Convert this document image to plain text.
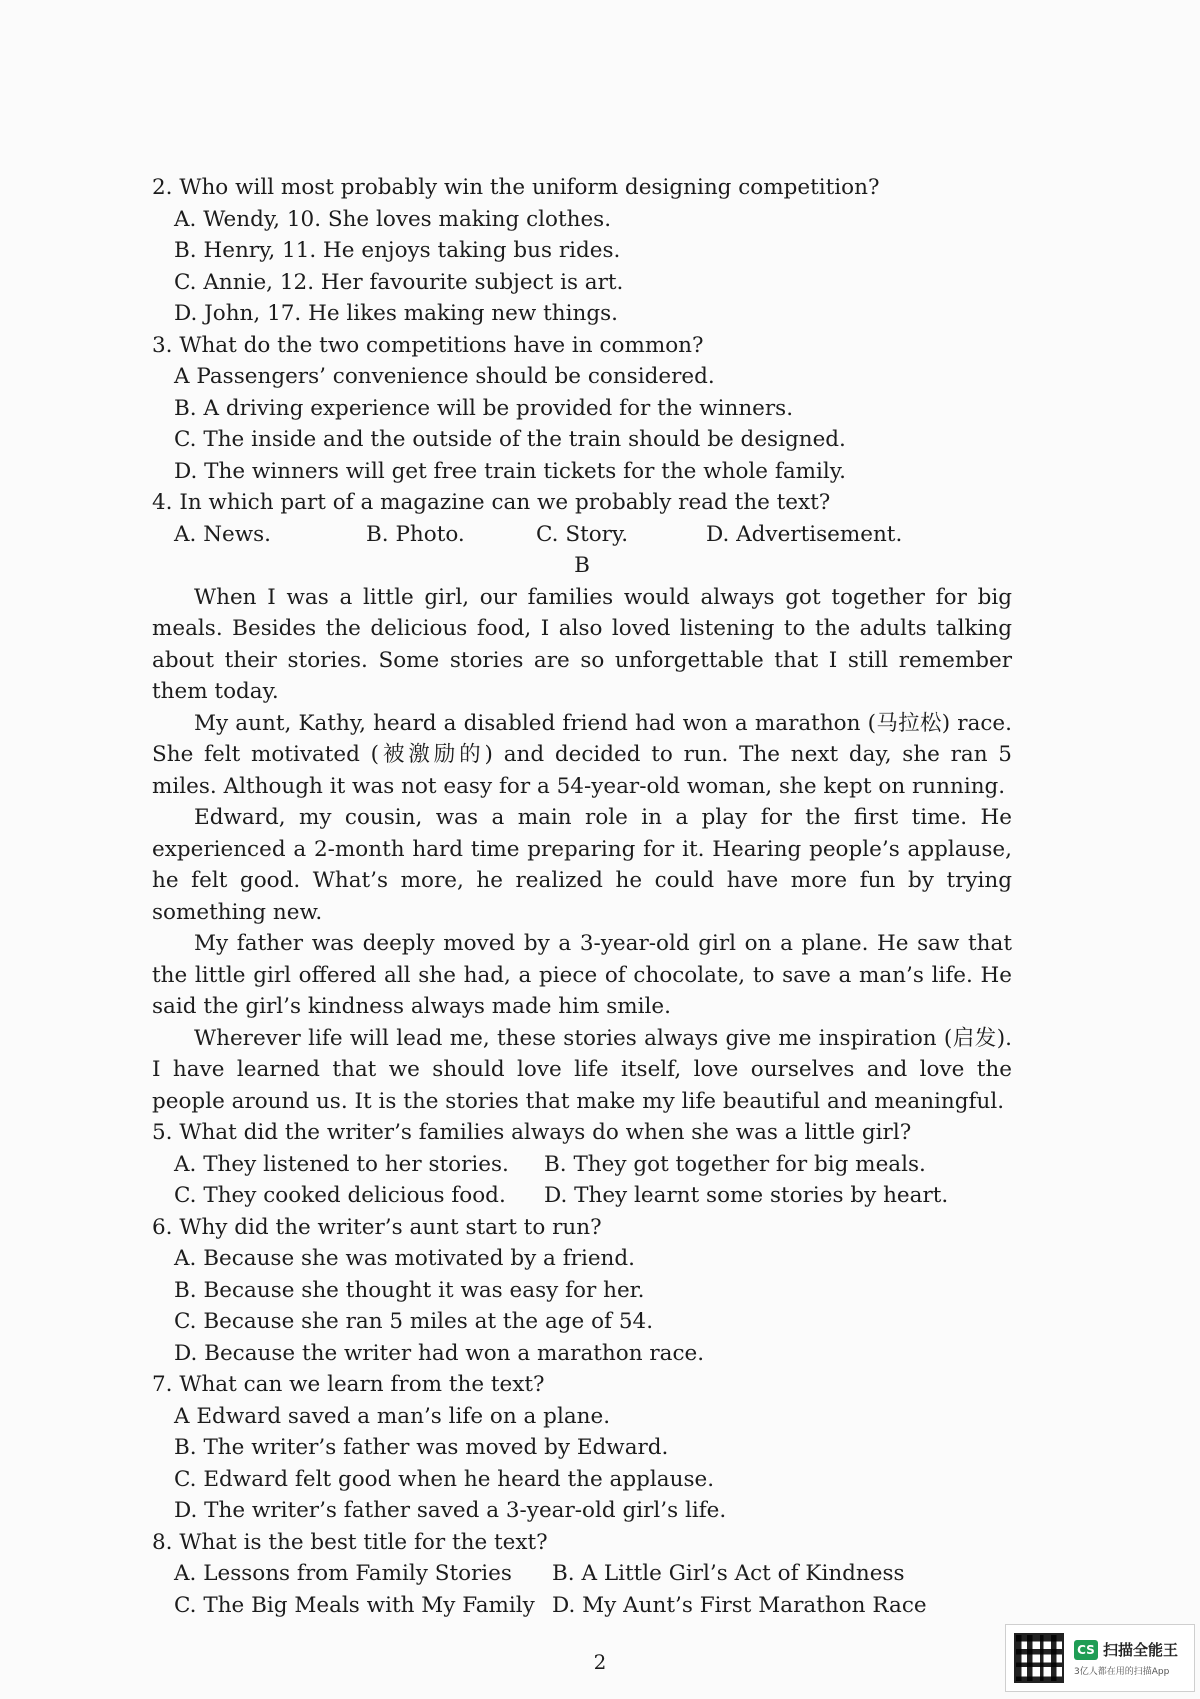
2. Who will most probably win the uniform designing competition?

A. Wendy, 10. She loves making clothes.

B. Henry, 11. He enjoys taking bus rides.

C. Annie, 12. Her favourite subject is art.

D. John, 17. He likes making new things.

3. What do the two competitions have in common?

A Passengers’ convenience should be considered.

B. A driving experience will be provided for the winners.

C. The inside and the outside of the train should be designed.

D. The winners will get free train tickets for the whole family.

4. In which part of a magazine can we probably read the text?

A. News.	B. Photo.	C. Story.	D. Advertisement.

B

When I was a little girl, our families would always got together for big meals. Besides the delicious food, I also loved listening to the adults talking about their stories. Some stories are so unforgettable that I still remember them today.

My aunt, Kathy, heard a disabled friend had won a marathon (马拉松) race. She felt motivated (被激励的) and decided to run. The next day, she ran 5 miles. Although it was not easy for a 54-year-old woman, she kept on running.

Edward, my cousin, was a main role in a play for the first time. He experienced a 2-month hard time preparing for it. Hearing people’s applause, he felt good. What’s more, he realized he could have more fun by trying something new.

My father was deeply moved by a 3-year-old girl on a plane. He saw that the little girl offered all she had, a piece of chocolate, to save a man’s life. He said the girl’s kindness always made him smile.

Wherever life will lead me, these stories always give me inspiration (启发). I have learned that we should love life itself, love ourselves and love the people around us. It is the stories that make my life beautiful and meaningful.

5. What did the writer’s families always do when she was a little girl?

A. They listened to her stories.	B. They got together for big meals.
C. They cooked delicious food.	D. They learnt some stories by heart.

6. Why did the writer’s aunt start to run?

A. Because she was motivated by a friend.

B. Because she thought it was easy for her.

C. Because she ran 5 miles at the age of 54.

D. Because the writer had won a marathon race.

7. What can we learn from the text?

A Edward saved a man’s life on a plane.

B. The writer’s father was moved by Edward.

C. Edward felt good when he heard the applause.

D. The writer’s father saved a 3-year-old girl’s life.

8. What is the best title for the text?

A. Lessons from Family Stories	B. A Little Girl’s Act of Kindness
C. The Big Meals with My Family D. My Aunt’s First Marathon Race
2
CS 扫描全能王
3亿人都在用的扫描App
